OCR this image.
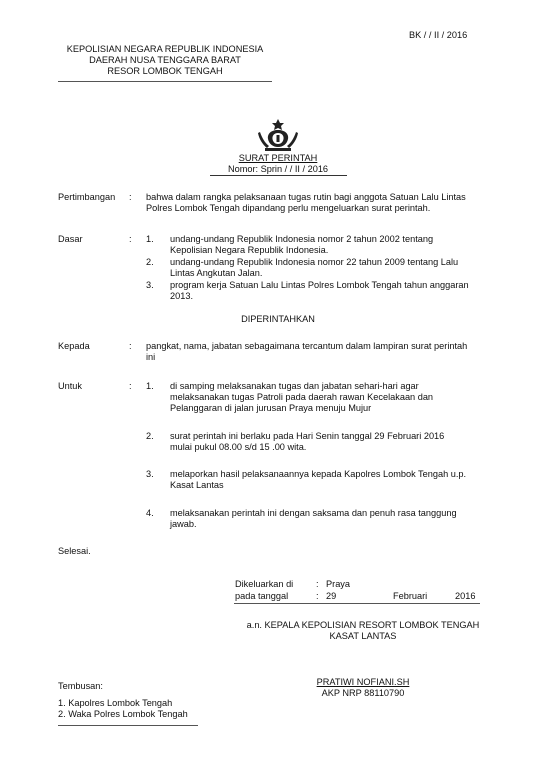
BK / / II / 2016
KEPOLISIAN NEGARA REPUBLIK INDONESIA
DAERAH NUSA TENGGARA BARAT
RESOR LOMBOK TENGAH
SURAT PERINTAH
Nomor: Sprin / / II / 2016
Pertimbangan : bahwa dalam rangka pelaksanaan tugas rutin bagi anggota Satuan Lalu Lintas
Polres Lombok Tengah dipandang perlu mengeluarkan surat perintah.
Dasar	: 1. undang-undang Republik Indonesia nomor 2 tahun 2002 tentang
Kepolisian Negara Republik Indonesia.
2. undang-undang Republik Indonesia nomor 22 tahun 2009 tentang Lalu
Lintas Angkutan Jalan.
3. program kerja Satuan Lalu Lintas Polres Lombok Tengah tahun anggaran
2013.
DIPERINTAHKAN
Kepada	: pangkat, nama, jabatan sebagaimana tercantum dalam lampiran surat perintah
ini
Untuk	: 1. di samping melaksanakan tugas dan jabatan sehari-hari agar
melaksanakan tugas Patroli pada daerah rawan Kecelakaan dan
Pelanggaran di jalan jurusan Praya menuju Mujur
2. surat perintah ini berlaku pada Hari Senin tanggal 29 Februari 2016
mulai pukul 08.00 s/d 15 .00 wita.
3. melaporkan hasil pelaksanaannya kepada Kapolres Lombok Tengah u.p.
Kasat Lantas
4. melaksanakan perintah ini dengan saksama dan penuh rasa tanggung
jawab.
Selesai.
Dikeluarkan di : Praya
pada tanggal	: 29	Februari	2016
a.n. KEPALA KEPOLISIAN RESORT LOMBOK TENGAH
KASAT LANTAS
PRATIWI NOFIANI.SH
AKP NRP 88110790
Tembusan:
1. Kapolres Lombok Tengah
2. Waka Polres Lombok Tengah
